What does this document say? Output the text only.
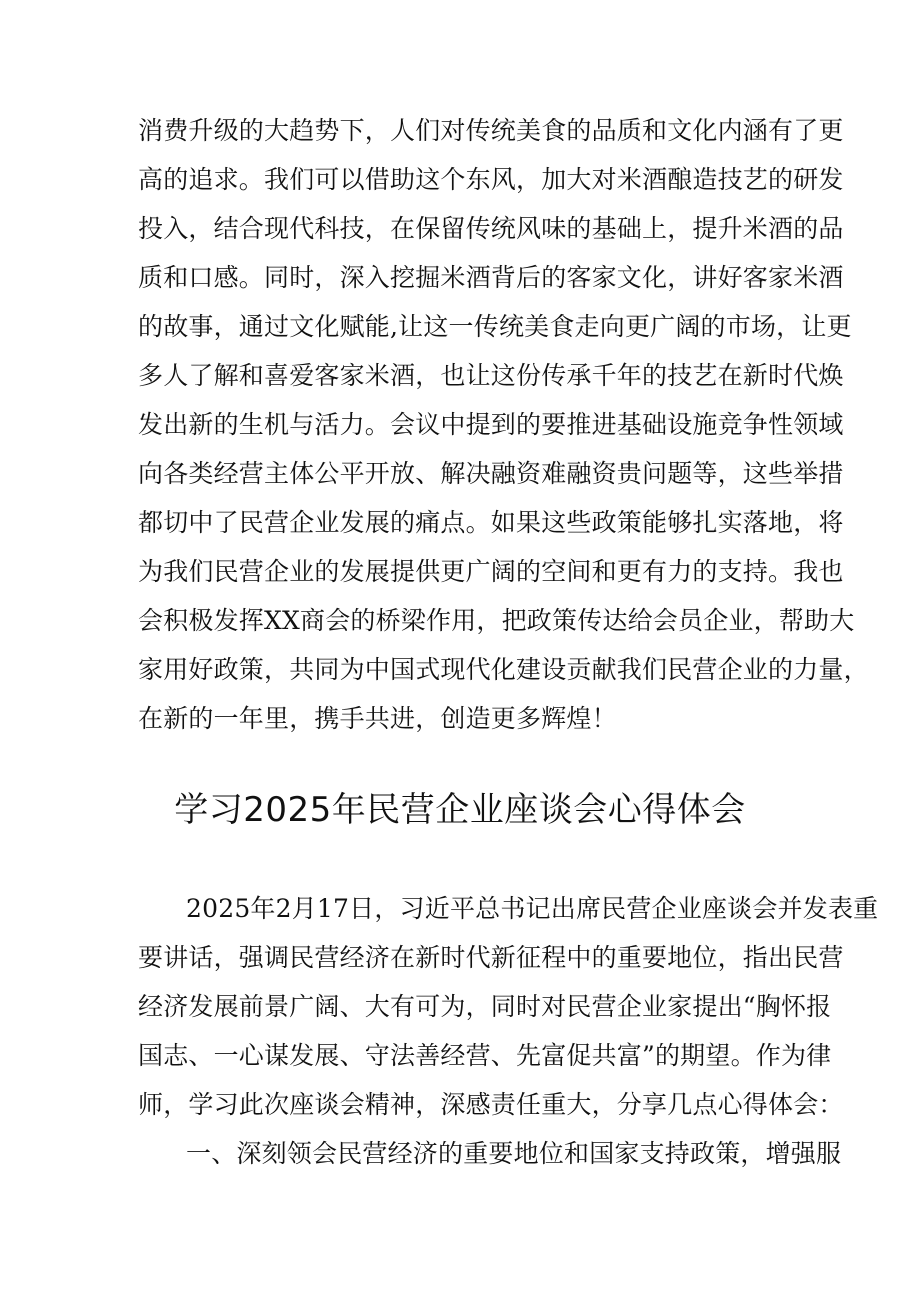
消费升级的大趋势下，人们对传统美食的品质和文化内涵有了更
高的追求。我们可以借助这个东风，加大对米酒酿造技艺的研发
投入，结合现代科技，在保留传统风味的基础上，提升米酒的品
质和口感。同时，深入挖掘米酒背后的客家文化，讲好客家米酒
的故事，通过文化赋能,让这一传统美食走向更广阔的市场，让更
多人了解和喜爱客家米酒，也让这份传承千年的技艺在新时代焕
发出新的生机与活力。会议中提到的要推进基础设施竞争性领域
向各类经营主体公平开放、解决融资难融资贵问题等，这些举措
都切中了民营企业发展的痛点。如果这些政策能够扎实落地，将
为我们民营企业的发展提供更广阔的空间和更有力的支持。我也
会积极发挥XX商会的桥梁作用，把政策传达给会员企业，帮助大
家用好政策，共同为中国式现代化建设贡献我们民营企业的力量，
在新的一年里，携手共进，创造更多辉煌！
学习2025年民营企业座谈会心得体会
2025年2月17日，习近平总书记出席民营企业座谈会并发表重
要讲话，强调民营经济在新时代新征程中的重要地位，指出民营
经济发展前景广阔、大有可为，同时对民营企业家提出“胸怀报
国志、一心谋发展、守法善经营、先富促共富”的期望。作为律
师，学习此次座谈会精神，深感责任重大，分享几点心得体会：
一、深刻领会民营经济的重要地位和国家支持政策，增强服
